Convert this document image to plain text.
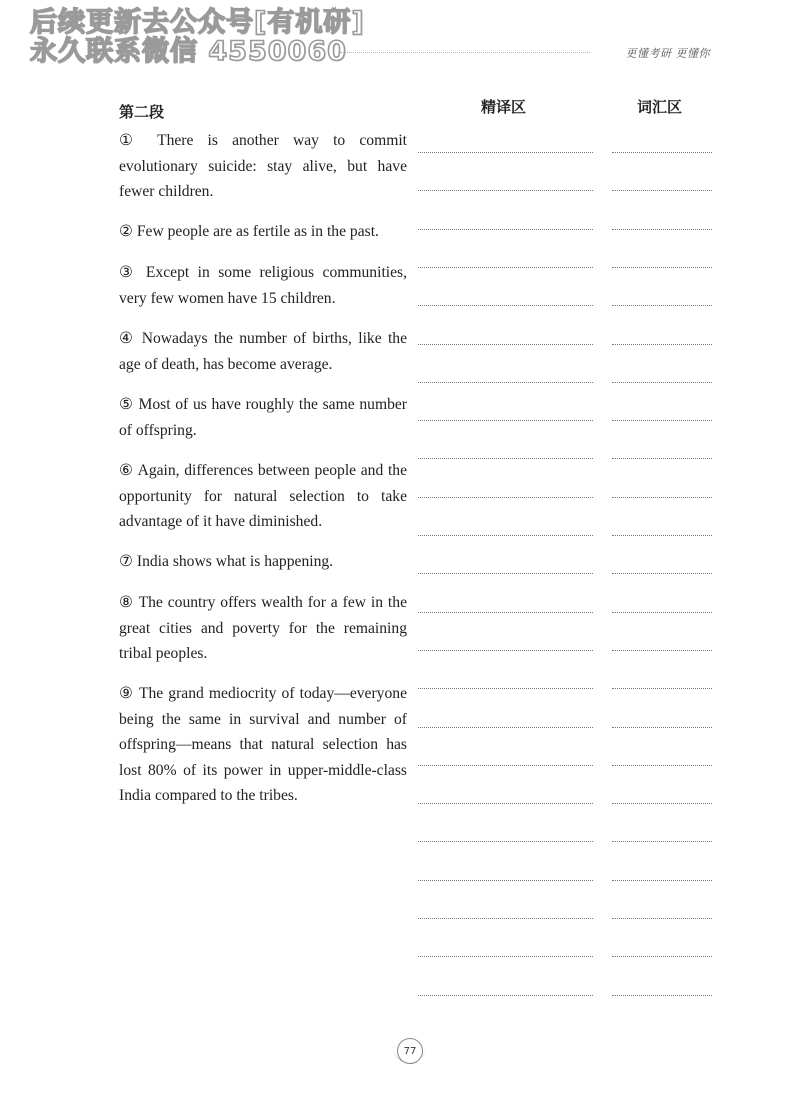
后续更新去公众号[有机研]
永久联系微信 4550060	更懂考研 更懂你
第二段	精译区	词汇区
① There is another way to commit evolutionary suicide: stay alive, but have fewer children.
② Few people are as fertile as in the past.
③ Except in some religious communities, very few women have 15 children.
④ Nowadays the number of births, like the age of death, has become average.
⑤ Most of us have roughly the same number of offspring.
⑥ Again, differences between people and the opportunity for natural selection to take advantage of it have diminished.
⑦ India shows what is happening.
⑧ The country offers wealth for a few in the great cities and poverty for the remaining tribal peoples.
⑨ The grand mediocrity of today—everyone being the same in survival and number of offspring—means that natural selection has lost 80% of its power in upper-middle-class India compared to the tribes.
77
